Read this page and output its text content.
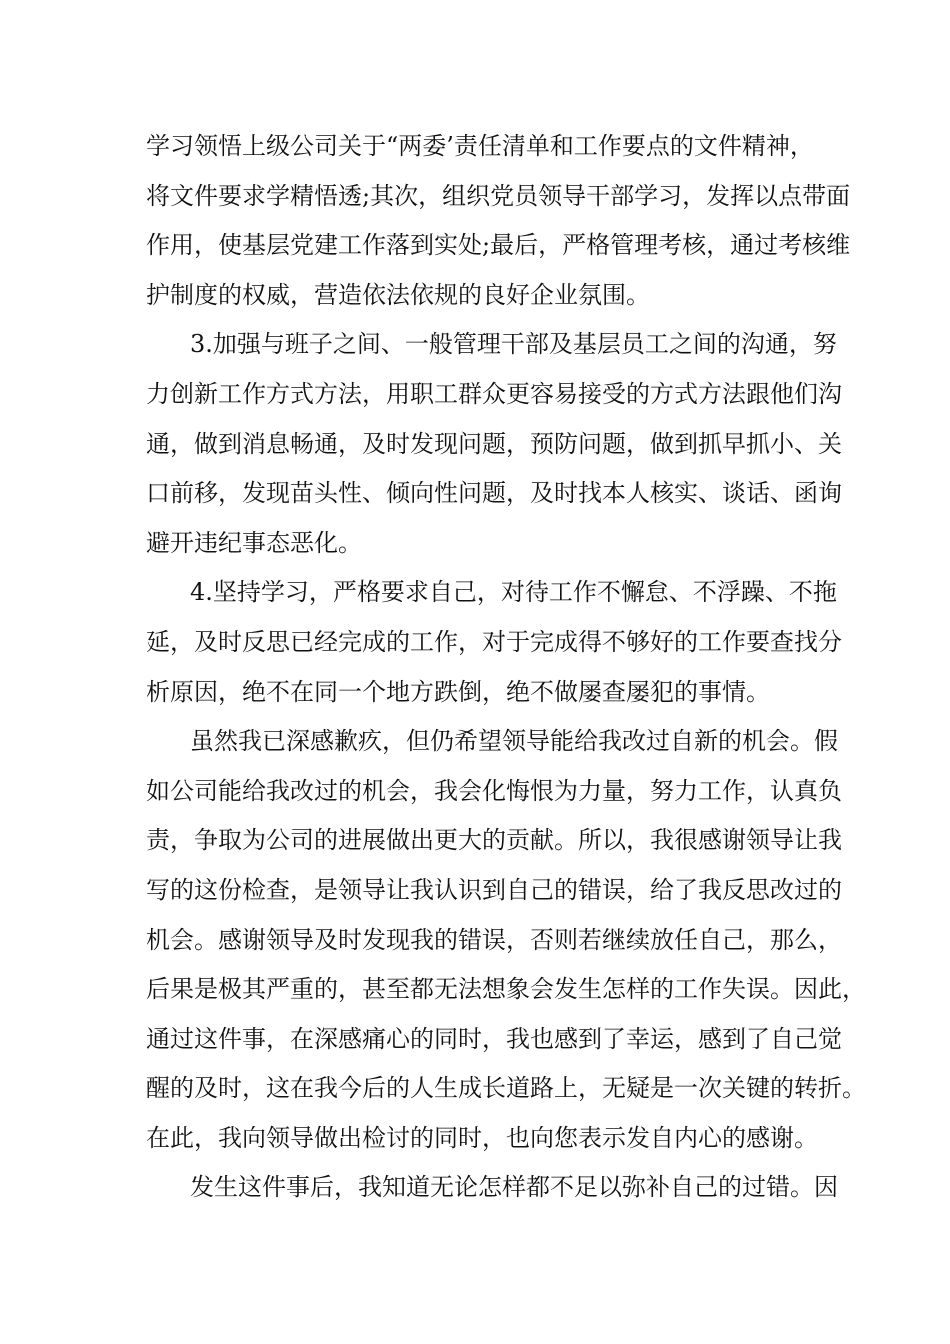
学习领悟上级公司关于“两委’责任清单和工作要点的文件精神，
将文件要求学精悟透;其次，组织党员领导干部学习，发挥以点带面
作用，使基层党建工作落到实处;最后，严格管理考核，通过考核维
护制度的权威，营造依法依规的良好企业氛围。
3.加强与班子之间、一般管理干部及基层员工之间的沟通，努
力创新工作方式方法，用职工群众更容易接受的方式方法跟他们沟
通，做到消息畅通，及时发现问题，预防问题，做到抓早抓小、关
口前移，发现苗头性、倾向性问题，及时找本人核实、谈话、函询
避开违纪事态恶化。
4.坚持学习，严格要求自己，对待工作不懈怠、不浮躁、不拖
延，及时反思已经完成的工作，对于完成得不够好的工作要查找分
析原因，绝不在同一个地方跌倒，绝不做屡查屡犯的事情。
虽然我已深感歉疚，但仍希望领导能给我改过自新的机会。假
如公司能给我改过的机会，我会化悔恨为力量，努力工作，认真负
责，争取为公司的进展做出更大的贡献。所以，我很感谢领导让我
写的这份检查，是领导让我认识到自己的错误，给了我反思改过的
机会。感谢领导及时发现我的错误，否则若继续放任自己，那么，
后果是极其严重的，甚至都无法想象会发生怎样的工作失误。因此，
通过这件事，在深感痛心的同时，我也感到了幸运，感到了自己觉
醒的及时，这在我今后的人生成长道路上，无疑是一次关键的转折。
在此，我向领导做出检讨的同时，也向您表示发自内心的感谢。
发生这件事后，我知道无论怎样都不足以弥补自己的过错。因
